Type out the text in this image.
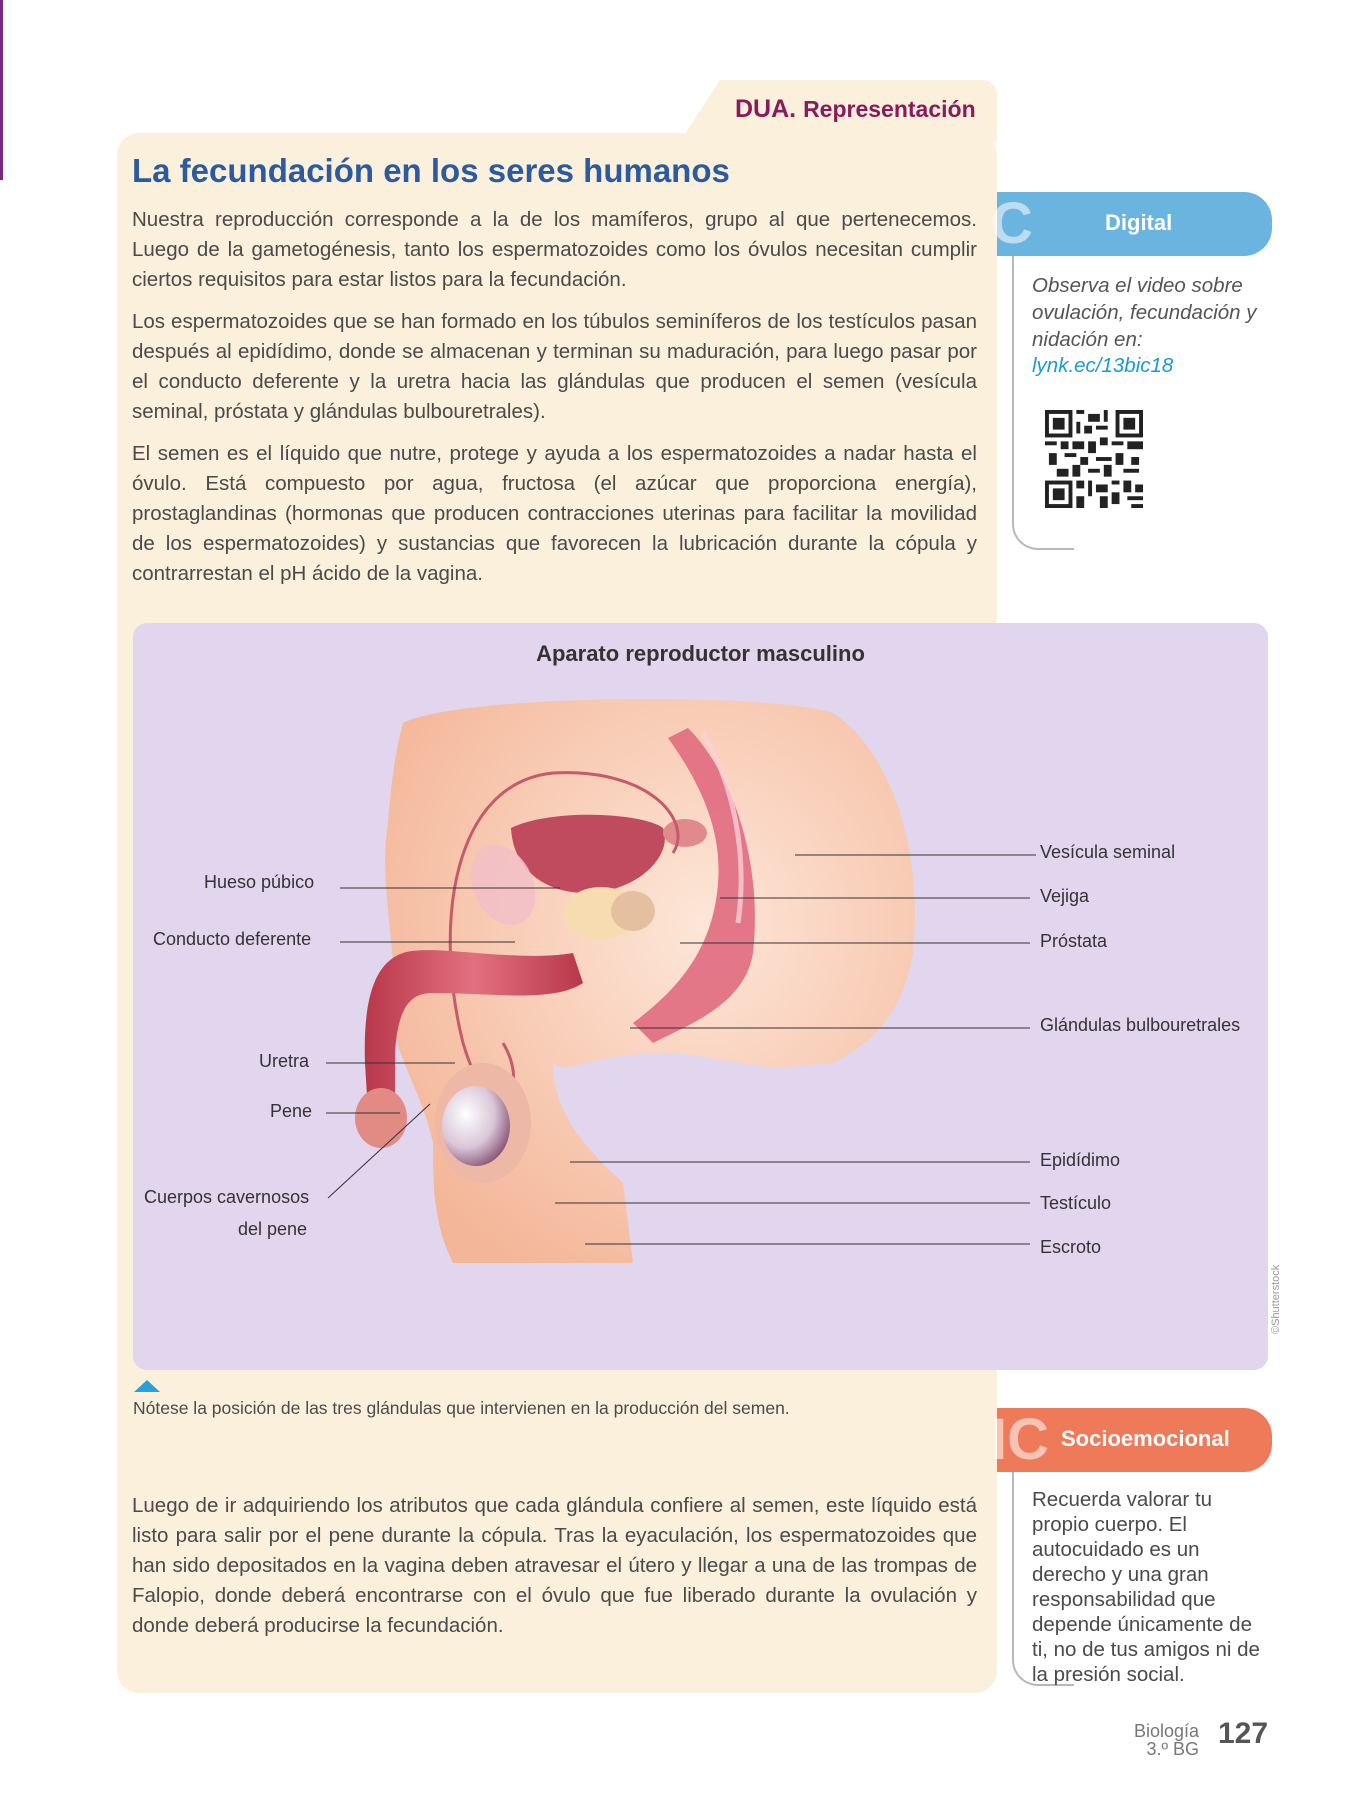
DUA. Representación
La fecundación en los seres humanos

Nuestra reproducción corresponde a la de los mamíferos, grupo al que pertenecemos. Luego de la gametogénesis, tanto los espermatozoides como los óvulos necesitan cumplir ciertos requisitos para estar listos para la fecundación.

Los espermatozoides que se han formado en los túbulos seminíferos de los testículos pasan después al epidídimo, donde se almacenan y terminan su maduración, para luego pasar por el conducto deferente y la uretra hacia las glándulas que producen el semen (vesícula seminal, próstata y glándulas bulbouretrales).

El semen es el líquido que nutre, protege y ayuda a los espermatozoides a nadar hasta el óvulo. Está compuesto por agua, fructosa (el azúcar que proporciona energía), prostaglandinas (hormonas que producen contracciones uterinas para facilitar la movilidad de los espermatozoides) y sustancias que favorecen la lubricación durante la cópula y contrarrestan el pH ácido de la vagina.

C	Digital

Observa el video sobre ovulación, fecundación y nidación en:

lynk.ec/13bic18
Aparato reproductor masculino
Hueso púbico
Conducto deferente
Uretra
Pene
Cuerpos cavernosos
del pene
Vesícula seminal
Vejiga
Próstata
Glándulas bulbouretrales
Epidídimo
Testículo
Escroto
©Shutterstock
Nótese la posición de las tres glándulas que intervienen en la producción del semen.

Luego de ir adquiriendo los atributos que cada glándula confiere al semen, este líquido está listo para salir por el pene durante la cópula. Tras la eyaculación, los espermatozoides que han sido depositados en la vagina deben atravesar el útero y llegar a una de las trompas de Falopio, donde deberá encontrarse con el óvulo que fue liberado durante la ovulación y donde deberá producirse la fecundación.

IC Socioemocional

Recuerda valorar tu propio cuerpo. El autocuidado es un derecho y una gran responsabilidad que depende únicamente de ti, no de tus amigos ni de la presión social.

Biología
3.º BG 127
